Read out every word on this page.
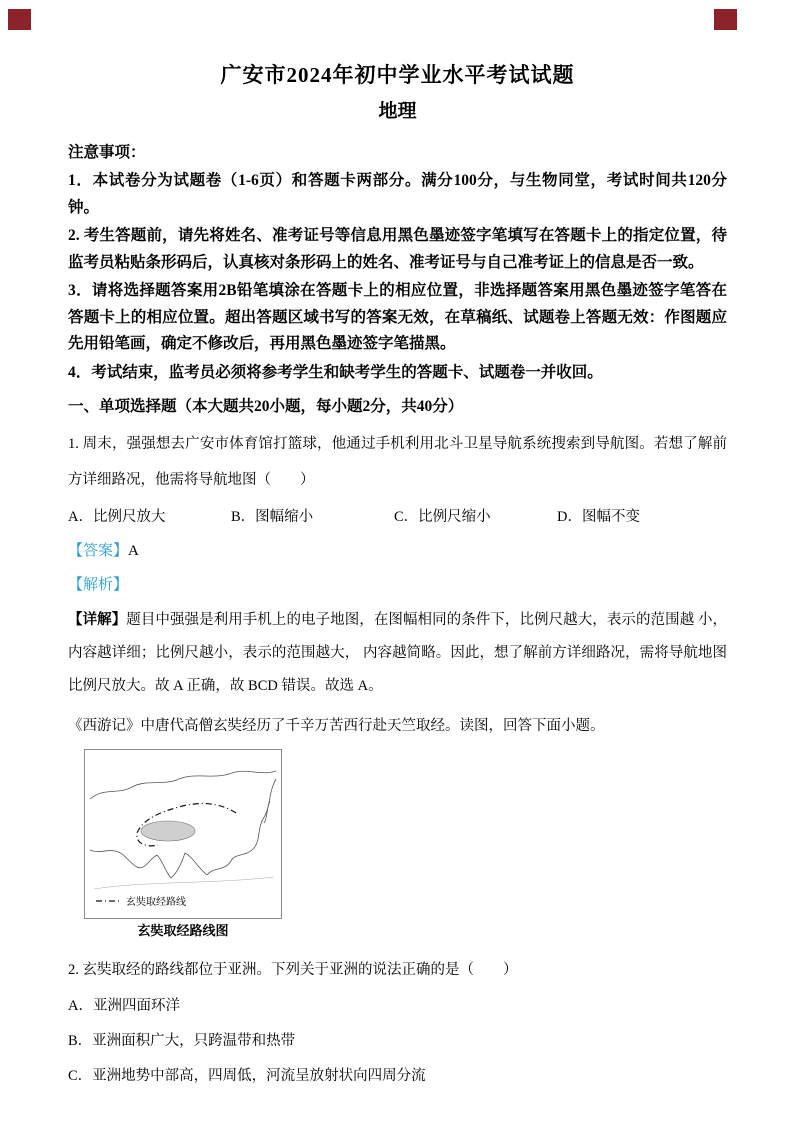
广安市2024年初中学业水平考试试题
地理

注意事项：

1．本试卷分为试题卷（1-6页）和答题卡两部分。满分100分，与生物同堂，考试时间共120分钟。

2. 考生答题前，请先将姓名、准考证号等信息用黑色墨迹签字笔填写在答题卡上的指定位置，待监考员粘贴条形码后，认真核对条形码上的姓名、准考证号与自己准考证上的信息是否一致。

3．请将选择题答案用2B铅笔填涂在答题卡上的相应位置，非选择题答案用黑色墨迹签字笔答在答题卡上的相应位置。超出答题区域书写的答案无效，在草稿纸、试题卷上答题无效：作图题应先用铅笔画，确定不修改后，再用黑色墨迹签字笔描黑。

4．考试结束，监考员必须将参考学生和缺考学生的答题卡、试题卷一并收回。

一、单项选择题（本大题共20小题，每小题2分，共40分）

1. 周末，强强想去广安市体育馆打篮球，他通过手机利用北斗卫星导航系统搜索到导航图。若想了解前方详细路况，他需将导航地图（　　）

A．比例尺放大	B．图幅缩小	C．比例尺缩小	D．图幅不变

【答案】A

【解析】

【详解】题目中强强是利用手机上的电子地图，在图幅相同的条件下，比例尺越大，表示的范围越 小，内容越详细；比例尺越小，表示的范围越大， 内容越简略。因此，想了解前方详细路况，需将导航地图比例尺放大。故 A 正确，故 BCD 错误。故选 A。

《西游记》中唐代高僧玄奘经历了千辛万苦西行赴天竺取经。读图，回答下面小题。

玄奘取经路线
玄奘取经路线图

2. 玄奘取经的路线都位于亚洲。下列关于亚洲的说法正确的是（　　）

A．亚洲四面环洋

B．亚洲面积广大，只跨温带和热带

C．亚洲地势中部高，四周低，河流呈放射状向四周分流
